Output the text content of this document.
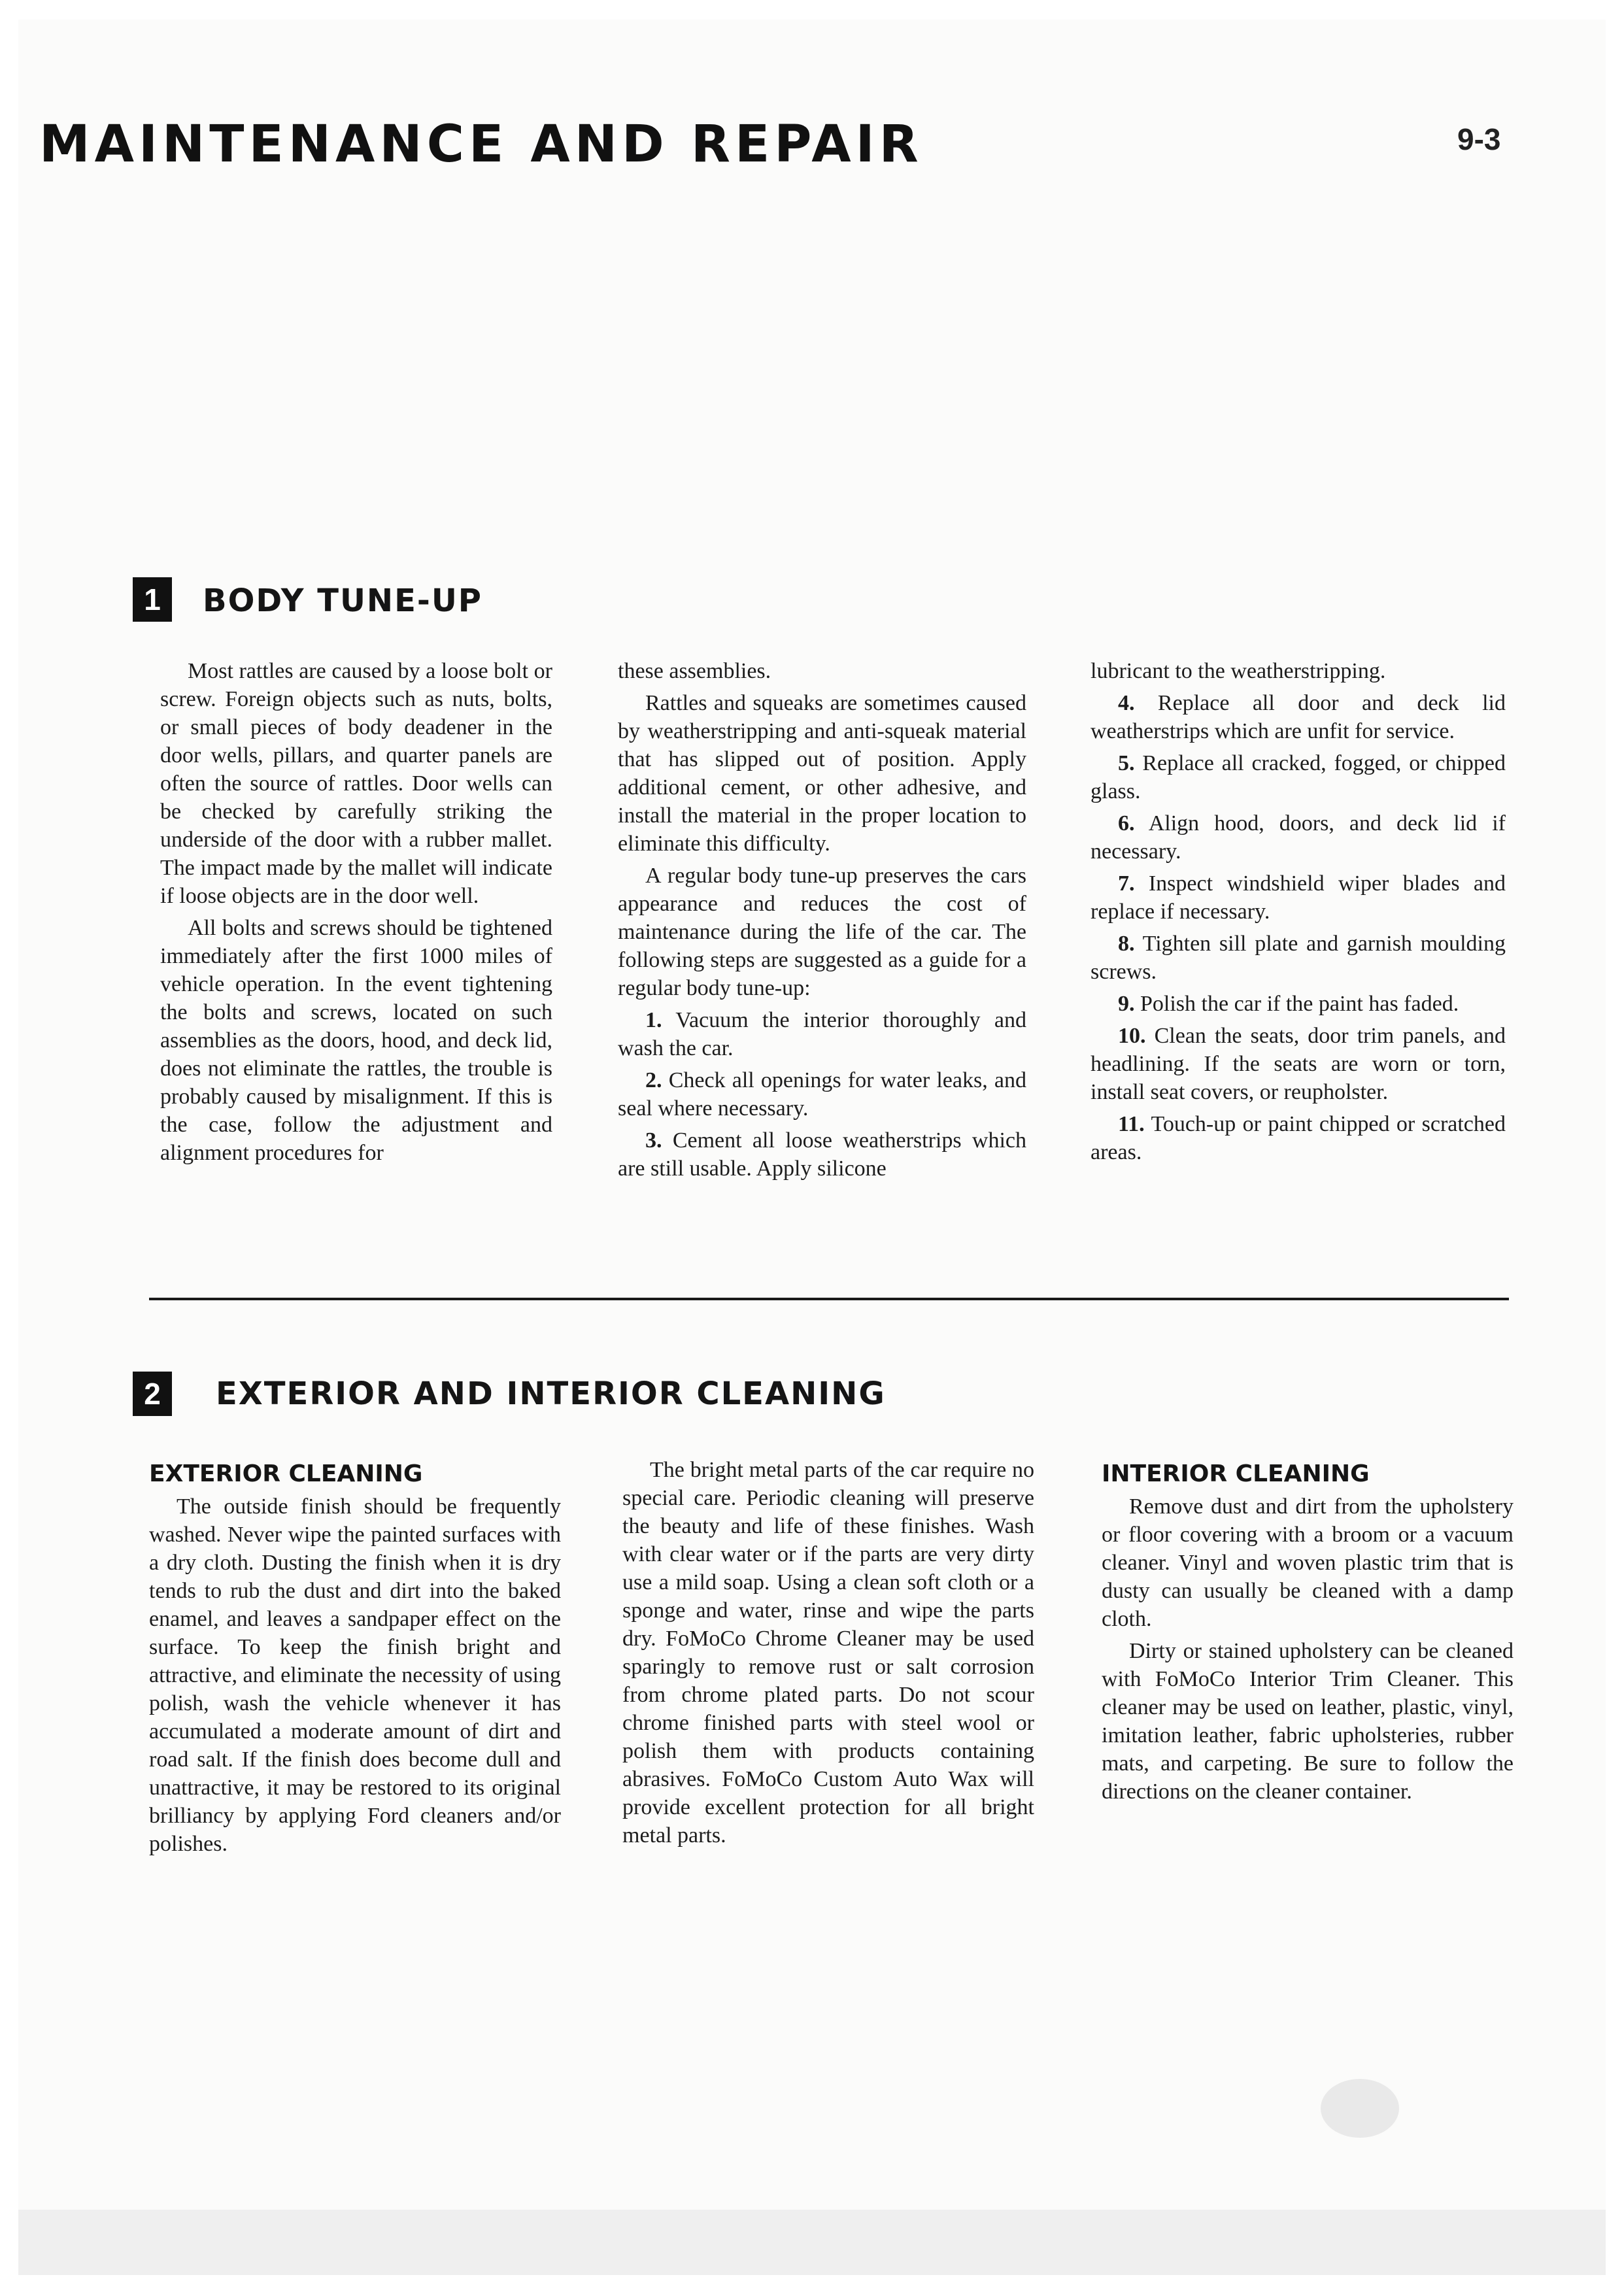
MAINTENANCE AND REPAIR	9-3
1	BODY TUNE-UP

Most rattles are caused by a loose bolt or screw. Foreign objects such as nuts, bolts, or small pieces of body deadener in the door wells, pillars, and quarter panels are often the source of rattles. Door wells can be checked by carefully striking the underside of the door with a rubber mallet. The impact made by the mallet will indicate if loose objects are in the door well.

All bolts and screws should be tightened immediately after the first 1000 miles of vehicle operation. In the event tightening the bolts and screws, located on such assemblies as the doors, hood, and deck lid, does not eliminate the rattles, the trouble is probably caused by misalignment. If this is the case, follow the adjustment and alignment procedures for

these assemblies.

Rattles and squeaks are sometimes caused by weatherstripping and anti-squeak material that has slipped out of position. Apply additional cement, or other adhesive, and install the material in the proper location to eliminate this difficulty.

A regular body tune-up preserves the cars appearance and reduces the cost of maintenance during the life of the car. The following steps are suggested as a guide for a regular body tune-up:

1. Vacuum the interior thoroughly and wash the car.

2. Check all openings for water leaks, and seal where necessary.

3. Cement all loose weatherstrips which are still usable. Apply silicone

lubricant to the weatherstripping.

4. Replace all door and deck lid weatherstrips which are unfit for service.

5. Replace all cracked, fogged, or chipped glass.

6. Align hood, doors, and deck lid if necessary.

7. Inspect windshield wiper blades and replace if necessary.

8. Tighten sill plate and garnish moulding screws.

9. Polish the car if the paint has faded.

10. Clean the seats, door trim panels, and headlining. If the seats are worn or torn, install seat covers, or reupholster.

11. Touch-up or paint chipped or scratched areas.

2	EXTERIOR AND INTERIOR CLEANING
EXTERIOR CLEANING

The outside finish should be frequently washed. Never wipe the painted surfaces with a dry cloth. Dusting the finish when it is dry tends to rub the dust and dirt into the baked enamel, and leaves a sandpaper effect on the surface. To keep the finish bright and attractive, and eliminate the necessity of using polish, wash the vehicle whenever it has accumulated a moderate amount of dirt and road salt. If the finish does become dull and unattractive, it may be restored to its original brilliancy by applying Ford cleaners and/or polishes.

The bright metal parts of the car require no special care. Periodic cleaning will preserve the beauty and life of these finishes. Wash with clear water or if the parts are very dirty use a mild soap. Using a clean soft cloth or a sponge and water, rinse and wipe the parts dry. FoMoCo Chrome Cleaner may be used sparingly to remove rust or salt corrosion from chrome plated parts. Do not scour chrome finished parts with steel wool or polish them with products containing abrasives. FoMoCo Custom Auto Wax will provide excellent protection for all bright metal parts.

INTERIOR CLEANING

Remove dust and dirt from the upholstery or floor covering with a broom or a vacuum cleaner. Vinyl and woven plastic trim that is dusty can usually be cleaned with a damp cloth.

Dirty or stained upholstery can be cleaned with FoMoCo Interior Trim Cleaner. This cleaner may be used on leather, plastic, vinyl, imitation leather, fabric upholsteries, rubber mats, and carpeting. Be sure to follow the directions on the cleaner container.
